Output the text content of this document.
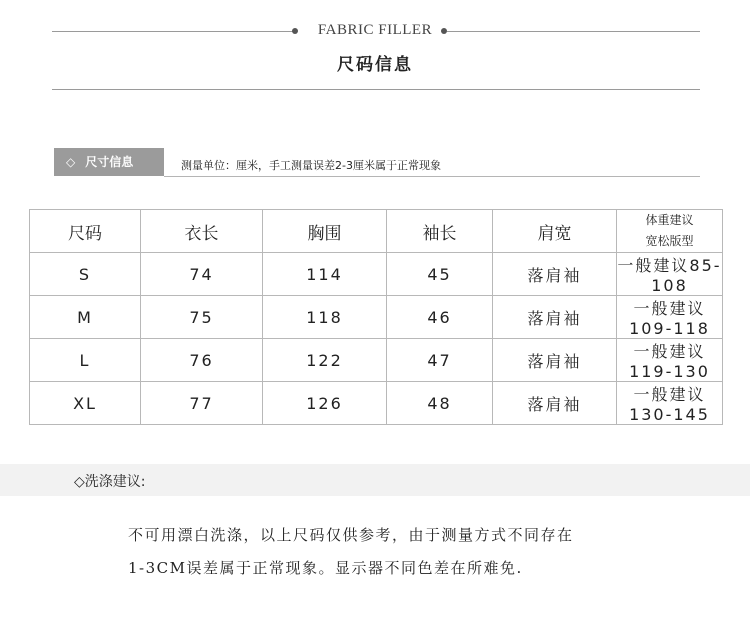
FABRIC FILLER
尺码信息
◇ 尺寸信息	测量单位：厘米，手工测量误差2-3厘米属于正常现象
尺码	衣长	胸围	袖长	肩宽	体重建议
宽松版型

S	74	114	45	落肩袖	一般建议85-108
M	75	118	46	落肩袖	一般建议109-118
L	76	122	47	落肩袖	一般建议119-130
XL	77	126	48	落肩袖	一般建议130-145
◇洗涤建议:
不可用漂白洗涤，以上尺码仅供参考，由于测量方式不同存在
1-3CM误差属于正常现象。显示器不同色差在所难免.
